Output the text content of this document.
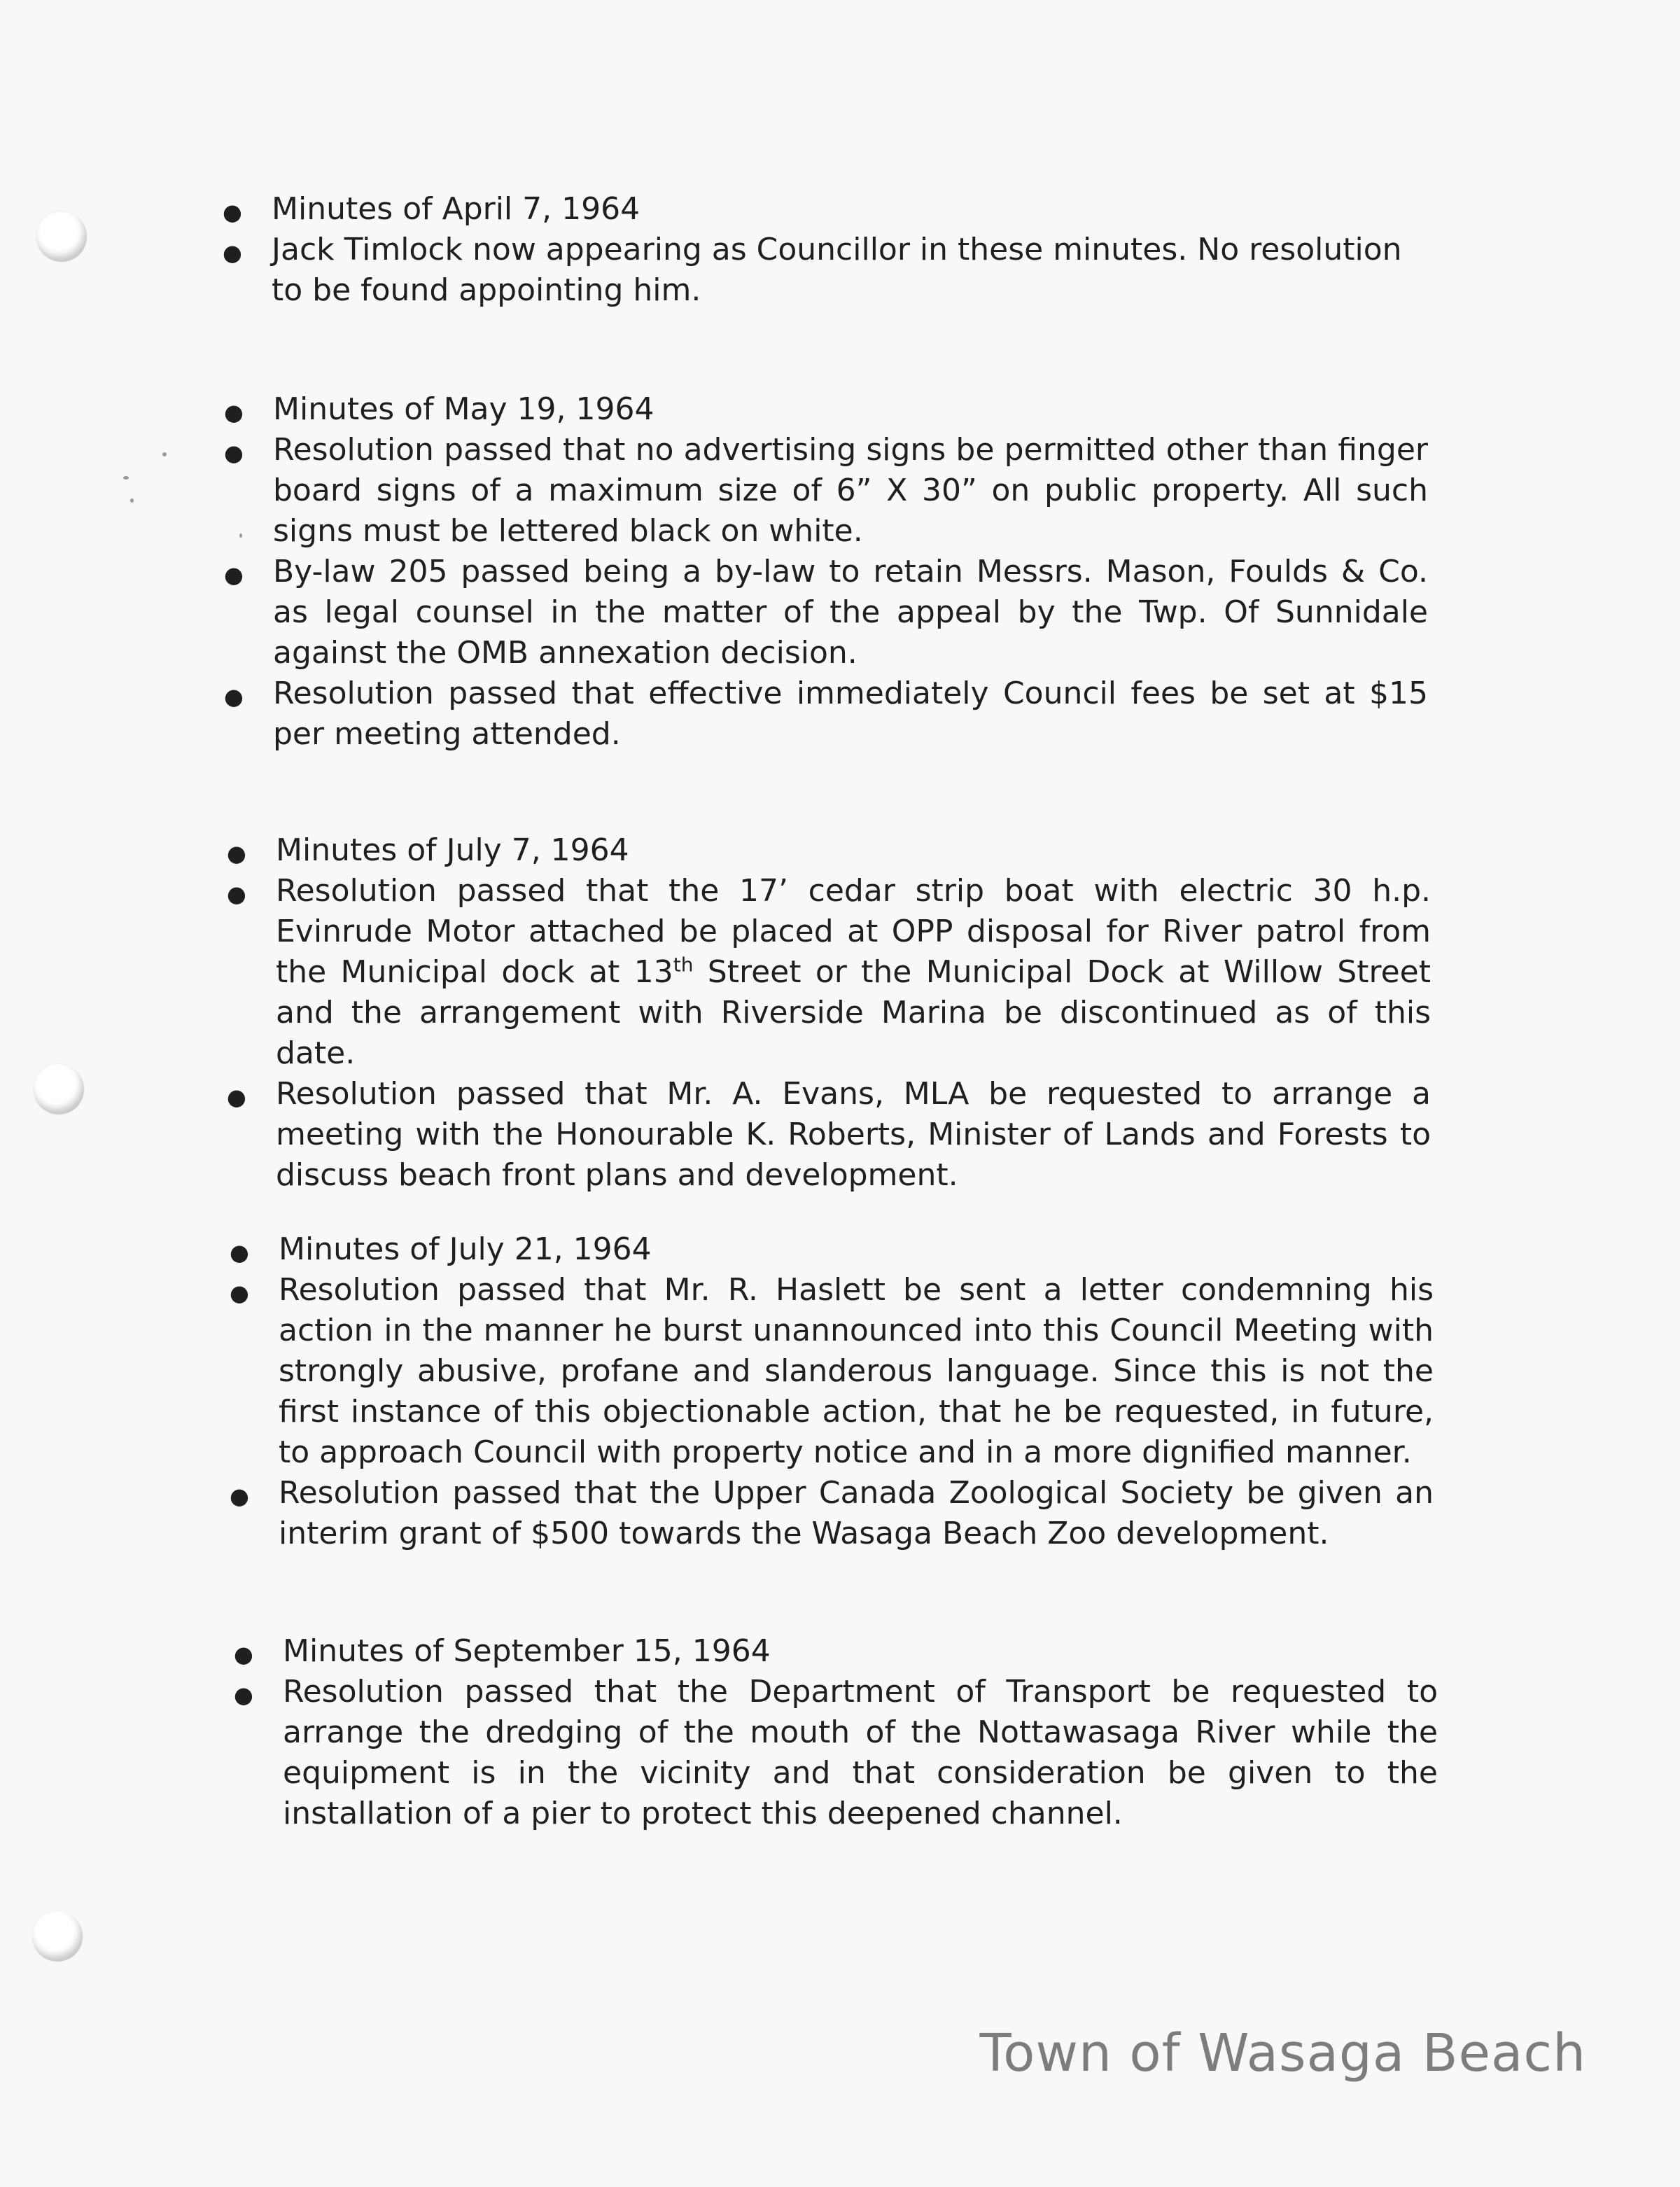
● Minutes of April 7, 1964
● Jack Timlock now appearing as Councillor in these minutes. No resolution to be found appointing him.
● Minutes of May 19, 1964
● Resolution passed that no advertising signs be permitted other than finger board signs of a maximum size of 6” X 30” on public property. All such signs must be lettered black on white.
● By-law 205 passed being a by-law to retain Messrs. Mason, Foulds & Co. as legal counsel in the matter of the appeal by the Twp. Of Sunnidale against the OMB annexation decision.
● Resolution passed that effective immediately Council fees be set at $15 per meeting attended.
● Minutes of July 7, 1964
● Resolution passed that the 17’ cedar strip boat with electric 30 h.p. Evinrude Motor attached be placed at OPP disposal for River patrol from the Municipal dock at 13th Street or the Municipal Dock at Willow Street and the arrangement with Riverside Marina be discontinued as of this date.
● Resolution passed that Mr. A. Evans, MLA be requested to arrange a meeting with the Honourable K. Roberts, Minister of Lands and Forests to discuss beach front plans and development.
● Minutes of July 21, 1964
● Resolution passed that Mr. R. Haslett be sent a letter condemning his action in the manner he burst unannounced into this Council Meeting with strongly abusive, profane and slanderous language. Since this is not the first instance of this objectionable action, that he be requested, in future, to approach Council with property notice and in a more dignified manner.
● Resolution passed that the Upper Canada Zoological Society be given an interim grant of $500 towards the Wasaga Beach Zoo development.
● Minutes of September 15, 1964
● Resolution passed that the Department of Transport be requested to arrange the dredging of the mouth of the Nottawasaga River while the equipment is in the vicinity and that consideration be given to the installation of a pier to protect this deepened channel.
Town of Wasaga Beach
